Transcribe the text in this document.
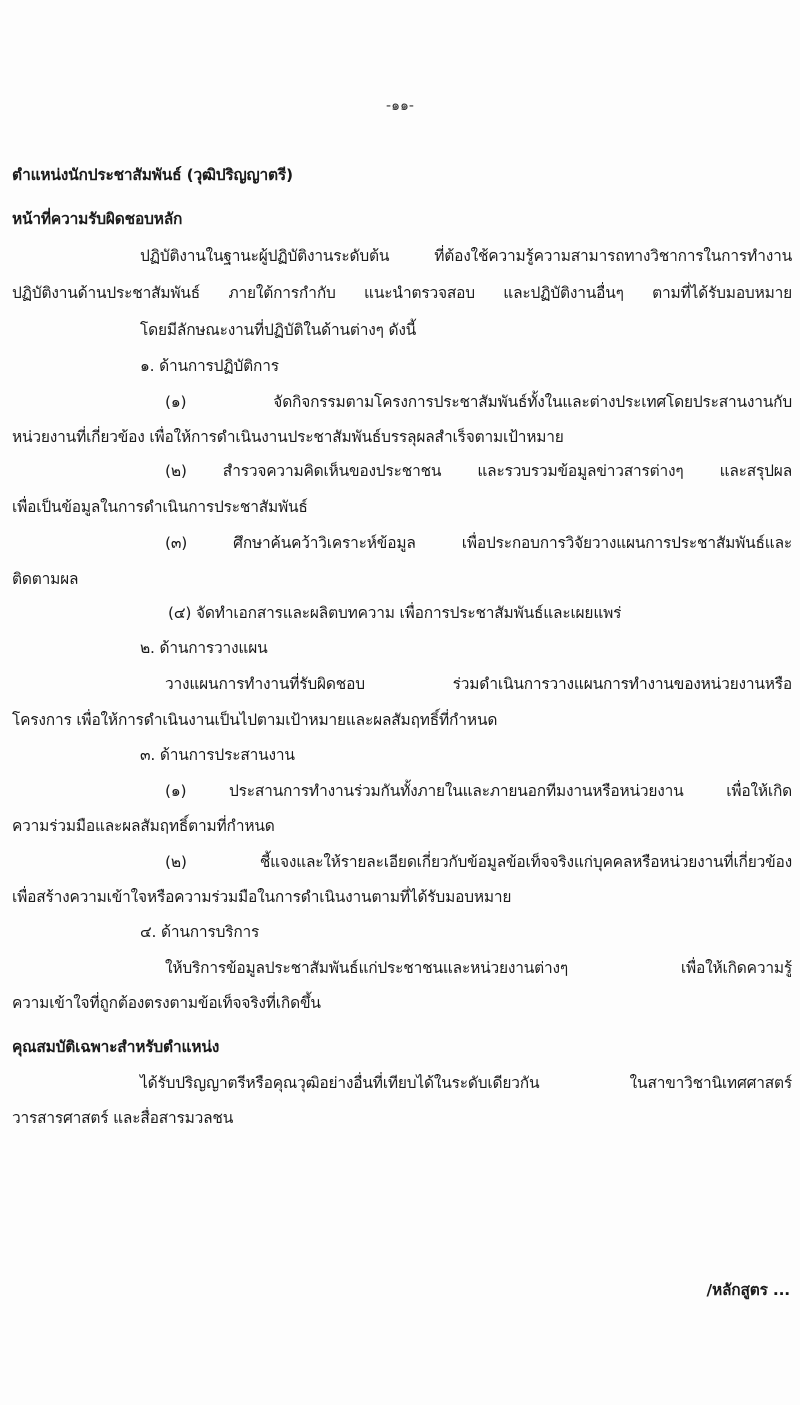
-๑๑-
ตำแหน่งนักประชาสัมพันธ์ (วุฒิปริญญาตรี)
หน้าที่ความรับผิดชอบหลัก
ปฏิบัติงานในฐานะผู้ปฏิบัติงานระดับต้น ที่ต้องใช้ความรู้ความสามารถทางวิชาการในการทำงาน
ปฏิบัติงานด้านประชาสัมพันธ์ ภายใต้การกำกับ แนะนำตรวจสอบ และปฏิบัติงานอื่นๆ ตามที่ได้รับมอบหมาย
โดยมีลักษณะงานที่ปฏิบัติในด้านต่างๆ ดังนี้
๑. ด้านการปฏิบัติการ
(๑) จัดกิจกรรมตามโครงการประชาสัมพันธ์ทั้งในและต่างประเทศโดยประสานงานกับ
หน่วยงานที่เกี่ยวข้อง เพื่อให้การดำเนินงานประชาสัมพันธ์บรรลุผลสำเร็จตามเป้าหมาย
(๒) สำรวจความคิดเห็นของประชาชน และรวบรวมข้อมูลข่าวสารต่างๆ และสรุปผล
เพื่อเป็นข้อมูลในการดำเนินการประชาสัมพันธ์
(๓) ศึกษาค้นคว้าวิเคราะห์ข้อมูล เพื่อประกอบการวิจัยวางแผนการประชาสัมพันธ์และ
ติดตามผล
(๔) จัดทำเอกสารและผลิตบทความ เพื่อการประชาสัมพันธ์และเผยแพร่
๒. ด้านการวางแผน
วางแผนการทำงานที่รับผิดชอบ ร่วมดำเนินการวางแผนการทำงานของหน่วยงานหรือ
โครงการ เพื่อให้การดำเนินงานเป็นไปตามเป้าหมายและผลสัมฤทธิ์ที่กำหนด
๓. ด้านการประสานงาน
(๑) ประสานการทำงานร่วมกันทั้งภายในและภายนอกทีมงานหรือหน่วยงาน เพื่อให้เกิด
ความร่วมมือและผลสัมฤทธิ์ตามที่กำหนด
(๒) ชี้แจงและให้รายละเอียดเกี่ยวกับข้อมูลข้อเท็จจริงแก่บุคคลหรือหน่วยงานที่เกี่ยวข้อง
เพื่อสร้างความเข้าใจหรือความร่วมมือในการดำเนินงานตามที่ได้รับมอบหมาย
๔. ด้านการบริการ
ให้บริการข้อมูลประชาสัมพันธ์แก่ประชาชนและหน่วยงานต่างๆ เพื่อให้เกิดความรู้
ความเข้าใจที่ถูกต้องตรงตามข้อเท็จจริงที่เกิดขึ้น
คุณสมบัติเฉพาะสำหรับตำแหน่ง
ได้รับปริญญาตรีหรือคุณวุฒิอย่างอื่นที่เทียบได้ในระดับเดียวกัน ในสาขาวิชานิเทศศาสตร์
วารสารศาสตร์ และสื่อสารมวลชน
/หลักสูตร ...
